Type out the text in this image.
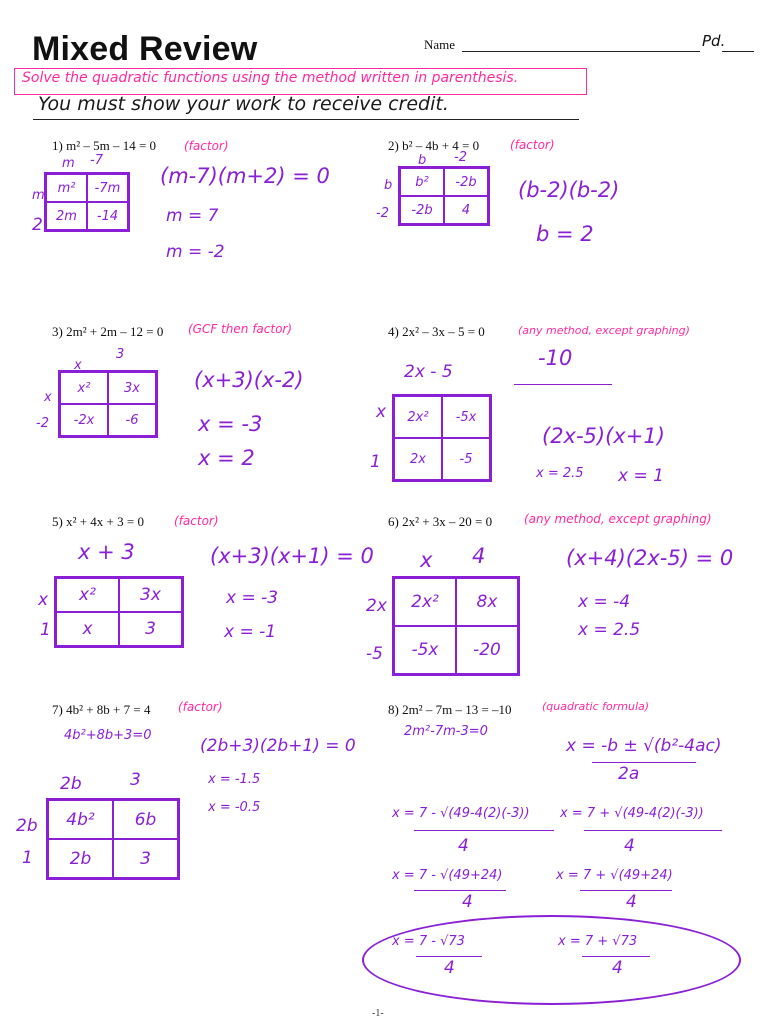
Mixed Review	Name	Pd.
Solve the quadratic functions using the method written in parenthesis.
You must show your work to receive credit.
1) m² – 5m – 14 = 0 (factor)
m -7
m
2
m²	-7m
2m	-14
(m-7)(m+2) = 0
m = 7
m = -2
2) b² – 4b + 4 = 0	(factor)
b -2
b
-2
b²	-2b
-2b	4
(b-2)(b-2)
b = 2
3) 2m² + 2m – 12 = 0 (GCF then factor)
x
3
x
-2
x²	3x
-2x	-6
(x+3)(x-2)
x = -3
x = 2
4) 2x² – 3x – 5 = 0	(any method, except graphing)
2x - 5
x
1
2x²	-5x
2x	-5
-10
(2x-5)(x+1)
x = 2.5 x = 1
5) x² + 4x + 3 = 0	(factor)
x + 3
x
1
x²	3x
x	3
(x+3)(x+1) = 0
x = -3
x = -1
6) 2x² + 3x – 20 = 0	(any method, except graphing)
x 4
2x
-5
2x²	8x
-5x	-20
(x+4)(2x-5) = 0
x = -4
x = 2.5
7) 4b² + 8b + 7 = 4 (factor)
4b²+8b+3=0
(2b+3)(2b+1) = 0
x = -1.5
x = -0.5
2b	3
2b
1
4b²	6b
2b	3
8) 2m² – 7m – 13 = –10	(quadratic formula)
2m²-7m-3=0
x = -b ± √(b²-4ac)
2a
x = 7 - √(49-4(2)(-3))
4
x = 7 + √(49-4(2)(-3))
4
x = 7 - √(49+24)
4
x = 7 + √(49+24)
4
x = 7 - √73
4
x = 7 + √73
4
-1-
